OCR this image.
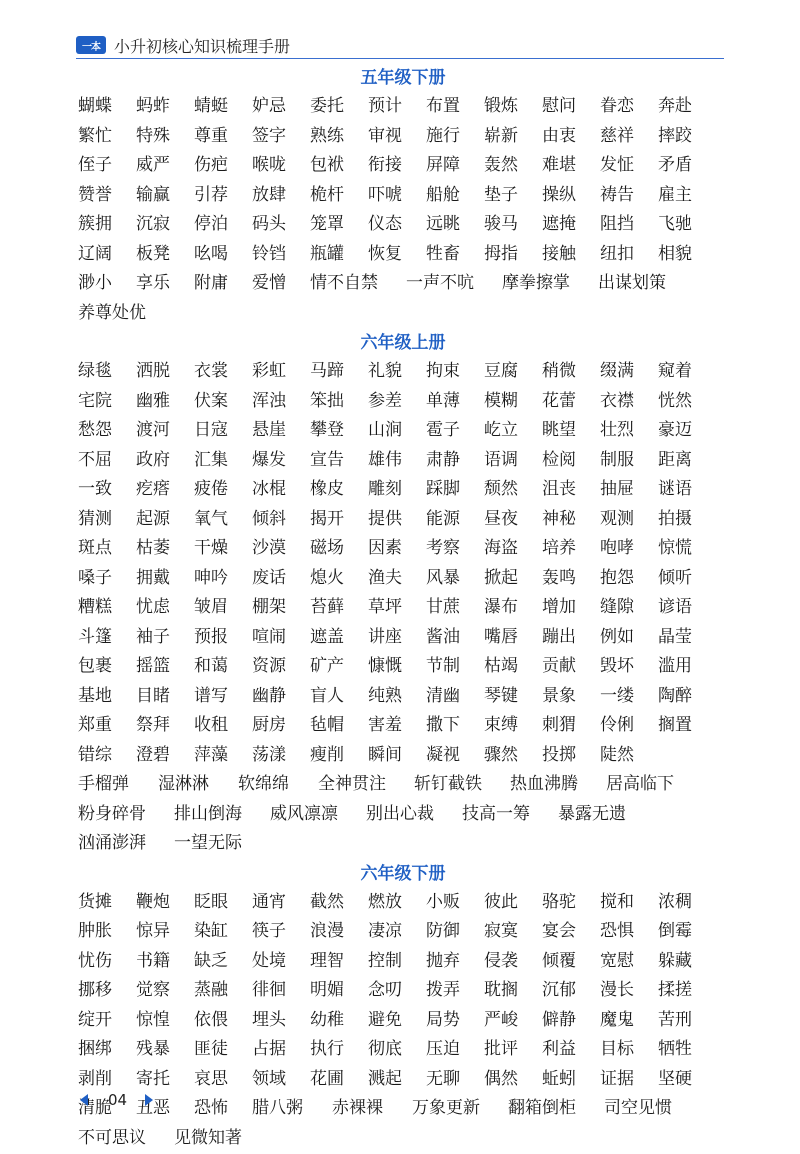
一本 小升初核心知识梳理手册
五年级下册
蝴蝶	蚂蚱	蜻蜓	妒忌	委托	预计	布置	锻炼	慰问	眷恋	奔赴
繁忙	特殊	尊重	签字	熟练	审视	施行	崭新	由衷	慈祥	摔跤
侄子	威严	伤疤	喉咙	包袱	衔接	屏障	轰然	难堪	发怔	矛盾
赞誉	输赢	引荐	放肆	桅杆	吓唬	船舱	垫子	操纵	祷告	雇主
簇拥	沉寂	停泊	码头	笼罩	仪态	远眺	骏马	遮掩	阻挡	飞驰
辽阔	板凳	吆喝	铃铛	瓶罐	恢复	牲畜	拇指	接触	纽扣	相貌
渺小	享乐	附庸	爱憎	情不自禁	一声不吭	摩拳擦掌	出谋划策
养尊处优
六年级上册
绿毯	洒脱	衣裳	彩虹	马蹄	礼貌	拘束	豆腐	稍微	缀满	窥着
宅院	幽雅	伏案	浑浊	笨拙	参差	单薄	模糊	花蕾	衣襟	恍然
愁怨	渡河	日寇	悬崖	攀登	山涧	雹子	屹立	眺望	壮烈	豪迈
不屈	政府	汇集	爆发	宣告	雄伟	肃静	语调	检阅	制服	距离
一致	疙瘩	疲倦	冰棍	橡皮	雕刻	踩脚	颓然	沮丧	抽屉	谜语
猜测	起源	氧气	倾斜	揭开	提供	能源	昼夜	神秘	观测	拍摄
斑点	枯萎	干燥	沙漠	磁场	因素	考察	海盗	培养	咆哮	惊慌
嗓子	拥戴	呻吟	废话	熄火	渔夫	风暴	掀起	轰鸣	抱怨	倾听
糟糕	忧虑	皱眉	棚架	苔藓	草坪	甘蔗	瀑布	增加	缝隙	谚语
斗篷	袖子	预报	喧闹	遮盖	讲座	酱油	嘴唇	蹦出	例如	晶莹
包裹	摇篮	和蔼	资源	矿产	慷慨	节制	枯竭	贡献	毁坏	滥用
基地	目睹	谱写	幽静	盲人	纯熟	清幽	琴键	景象	一缕	陶醉
郑重	祭拜	收租	厨房	毡帽	害羞	撒下	束缚	刺猬	伶俐	搁置
错综	澄碧	萍藻	荡漾	瘦削	瞬间	凝视	骤然	投掷	陡然
手榴弹	湿淋淋	软绵绵	全神贯注	斩钉截铁	热血沸腾	居高临下
粉身碎骨	排山倒海	威风凛凛	别出心裁	技高一筹	暴露无遗
汹涌澎湃	一望无际
六年级下册
货摊	鞭炮	眨眼	通宵	截然	燃放	小贩	彼此	骆驼	搅和	浓稠
肿胀	惊异	染缸	筷子	浪漫	凄凉	防御	寂寞	宴会	恐惧	倒霉
忧伤	书籍	缺乏	处境	理智	控制	抛弃	侵袭	倾覆	宽慰	躲藏
挪移	觉察	蒸融	徘徊	明媚	念叨	拨弄	耽搁	沉郁	漫长	揉搓
绽开	惊惶	依偎	埋头	幼稚	避免	局势	严峻	僻静	魔鬼	苦刑
捆绑	残暴	匪徒	占据	执行	彻底	压迫	批评	利益	目标	牺牲
剥削	寄托	哀思	领域	花圃	溅起	无聊	偶然	蚯蚓	证据	坚硬
清脆	丑恶	恐怖	腊八粥	赤裸裸	万象更新	翻箱倒柜	司空见惯
不可思议	见微知著
04
